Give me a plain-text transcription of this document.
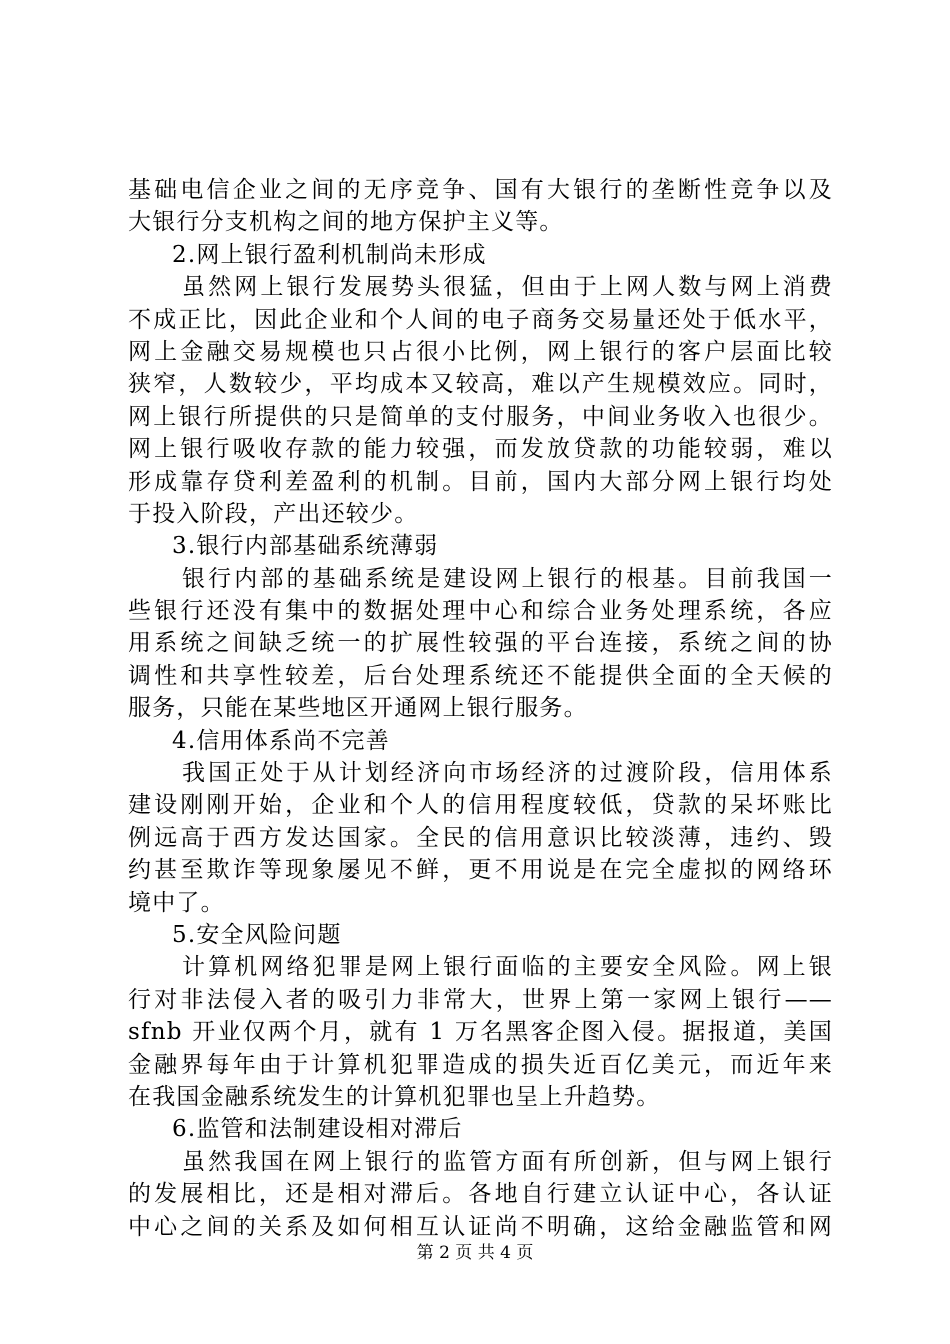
基础电信企业之间的无序竞争、国有大银行的垄断性竞争以及
大银行分支机构之间的地方保护主义等。
2.网上银行盈利机制尚未形成
虽然网上银行发展势头很猛，但由于上网人数与网上消费
不成正比，因此企业和个人间的电子商务交易量还处于低水平，
网上金融交易规模也只占很小比例，网上银行的客户层面比较
狭窄，人数较少，平均成本又较高，难以产生规模效应。同时，
网上银行所提供的只是简单的支付服务，中间业务收入也很少。
网上银行吸收存款的能力较强，而发放贷款的功能较弱，难以
形成靠存贷利差盈利的机制。目前，国内大部分网上银行均处
于投入阶段，产出还较少。
3.银行内部基础系统薄弱
银行内部的基础系统是建设网上银行的根基。目前我国一
些银行还没有集中的数据处理中心和综合业务处理系统，各应
用系统之间缺乏统一的扩展性较强的平台连接，系统之间的协
调性和共享性较差，后台处理系统还不能提供全面的全天候的
服务，只能在某些地区开通网上银行服务。
4.信用体系尚不完善
我国正处于从计划经济向市场经济的过渡阶段，信用体系
建设刚刚开始，企业和个人的信用程度较低，贷款的呆坏账比
例远高于西方发达国家。全民的信用意识比较淡薄，违约、毁
约甚至欺诈等现象屡见不鲜，更不用说是在完全虚拟的网络环
境中了。
5.安全风险问题
计算机网络犯罪是网上银行面临的主要安全风险。网上银
行对非法侵入者的吸引力非常大，世界上第一家网上银行——
sfnb 开业仅两个月，就有 1 万名黑客企图入侵。据报道，美国
金融界每年由于计算机犯罪造成的损失近百亿美元，而近年来
在我国金融系统发生的计算机犯罪也呈上升趋势。
6.监管和法制建设相对滞后
虽然我国在网上银行的监管方面有所创新，但与网上银行
的发展相比，还是相对滞后。各地自行建立认证中心，各认证
中心之间的关系及如何相互认证尚不明确，这给金融监管和网
第 2 页 共 4 页
